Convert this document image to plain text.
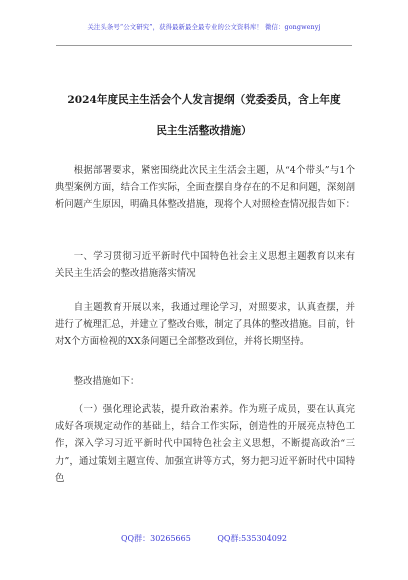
关注头条号“公文研究”，获得最新最全最专业的公文资料库！ 微信：gongwenyj
2024年度民主生活会个人发言提纲（党委委员，含上年度
民主生活整改措施）

根据部署要求，紧密围绕此次民主生活会主题，从“4个带头”与1个典型案例方面，结合工作实际，全面查摆自身存在的不足和问题，深刻剖析问题产生原因，明确具体整改措施，现将个人对照检查情况报告如下：

一、学习贯彻习近平新时代中国特色社会主义思想主题教育以来有关民主生活会的整改措施落实情况

自主题教育开展以来，我通过理论学习，对照要求，认真查摆，并进行了梳理汇总，并建立了整改台账，制定了具体的整改措施。目前，针对X个方面检视的XX条问题已全部整改到位，并将长期坚持。

整改措施如下：

（一）强化理论武装，提升政治素养。作为班子成员，要在认真完成好各项规定动作的基础上，结合工作实际，创造性的开展亮点特色工作，深入学习习近平新时代中国特色社会主义思想，不断提高政治“三力”，通过策划主题宣传、加强宣讲等方式，努力把习近平新时代中国特色

QQ群：30265665	QQ群:535304092
